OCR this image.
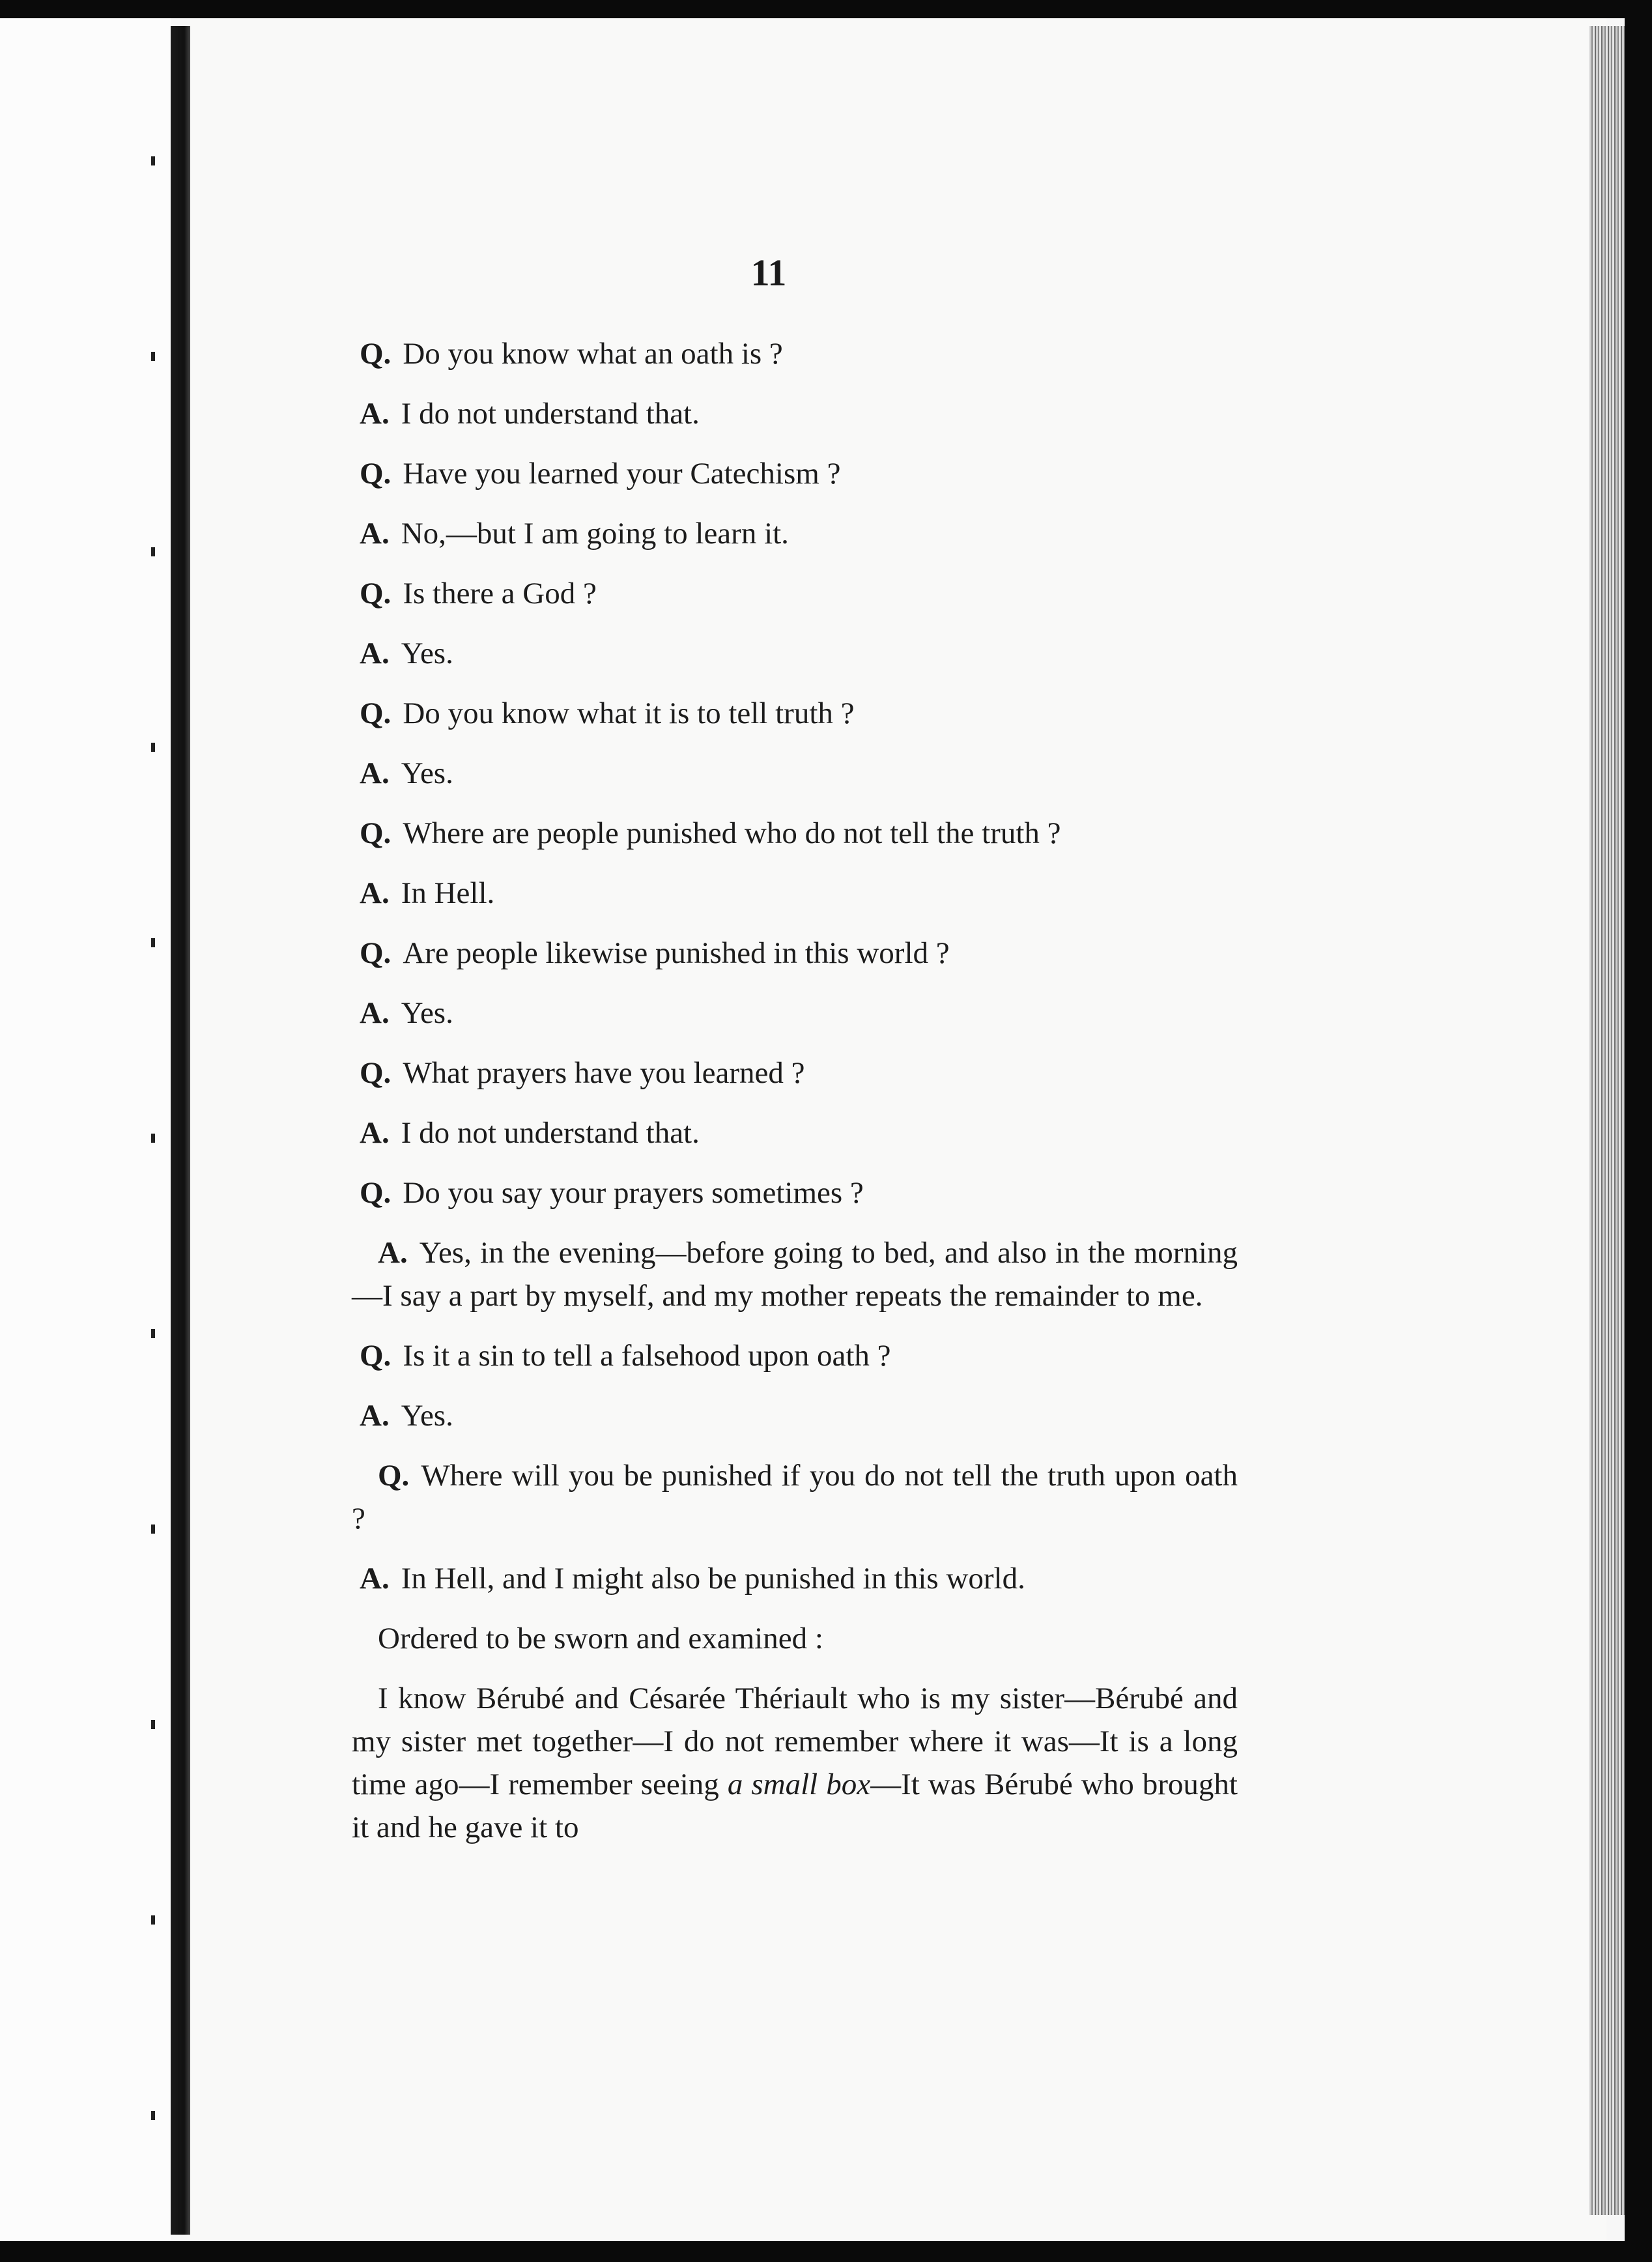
11
Q. Do you know what an oath is ?
A. I do not understand that.
Q. Have you learned your Catechism ?
A. No,—but I am going to learn it.
Q. Is there a God ?
A. Yes.
Q. Do you know what it is to tell truth ?
A. Yes.
Q. Where are people punished who do not tell the truth ?
A. In Hell.
Q. Are people likewise punished in this world ?
A. Yes.
Q. What prayers have you learned ?
A. I do not understand that.
Q. Do you say your prayers sometimes ?
A. Yes, in the evening—before going to bed, and also in the morning—I say a part by myself, and my mother repeats the remainder to me.
Q. Is it a sin to tell a falsehood upon oath ?
A. Yes.
Q. Where will you be punished if you do not tell the truth upon oath ?
A. In Hell, and I might also be punished in this world.
Ordered to be sworn and examined :
I know Bérubé and Césarée Thériault who is my sister—Bérubé and my sister met together—I do not remember where it was—It is a long time ago—I remember seeing a small box—It was Bérubé who brought it and he gave it to
